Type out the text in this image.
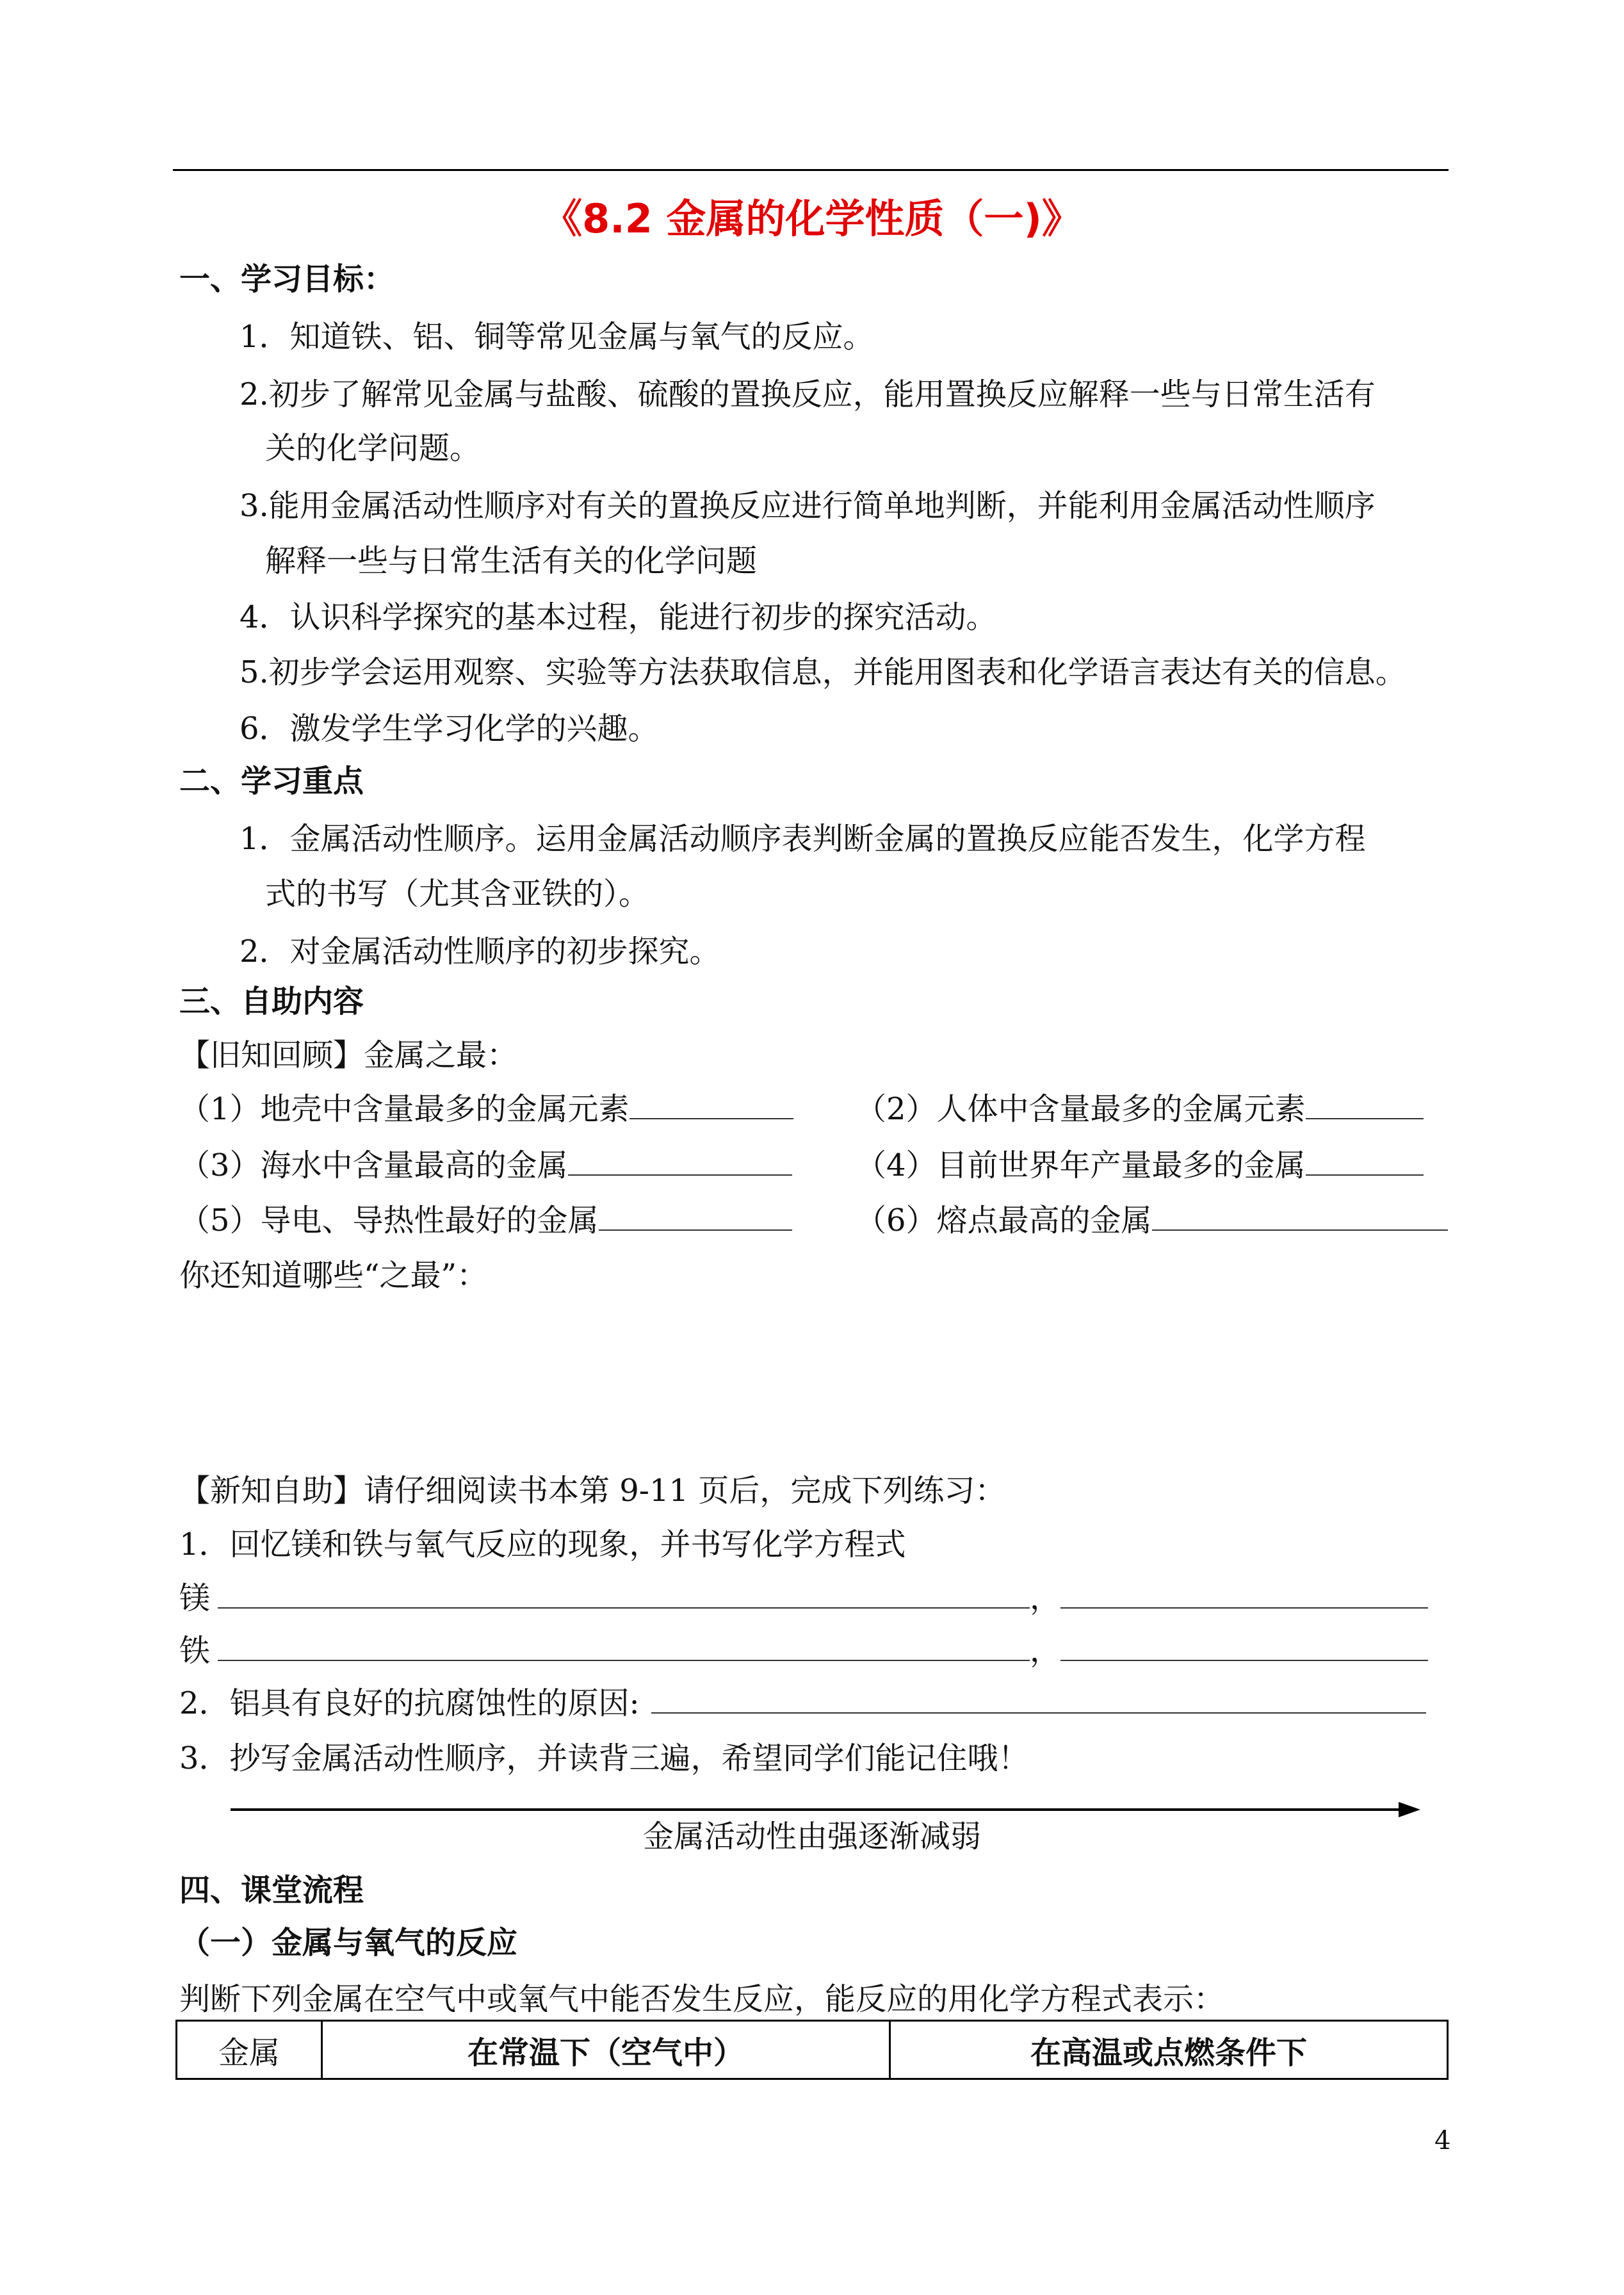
《8.2 金属的化学性质（一)》
一、学习目标：
1．知道铁、铝、铜等常见金属与氧气的反应。
2.初步了解常见金属与盐酸、硫酸的置换反应，能用置换反应解释一些与日常生活有
关的化学问题。
3.能用金属活动性顺序对有关的置换反应进行简单地判断，并能利用金属活动性顺序
解释一些与日常生活有关的化学问题
4．认识科学探究的基本过程，能进行初步的探究活动。
5.初步学会运用观察、实验等方法获取信息，并能用图表和化学语言表达有关的信息。
6．激发学生学习化学的兴趣。
二、学习重点
1．金属活动性顺序。运用金属活动顺序表判断金属的置换反应能否发生，化学方程
式的书写（尤其含亚铁的）。
2．对金属活动性顺序的初步探究。
三、自助内容
【旧知回顾】金属之最：
（1）地壳中含量最多的金属元素	（2）人体中含量最多的金属元素
（3）海水中含量最高的金属	（4）目前世界年产量最多的金属
（5）导电、导热性最好的金属	（6）熔点最高的金属
你还知道哪些“之最”：
【新知自助】请仔细阅读书本第 9-11 页后，完成下列练习：
1．回忆镁和铁与氧气反应的现象，并书写化学方程式
镁	，
铁	，
2．铝具有良好的抗腐蚀性的原因:
3．抄写金属活动性顺序，并读背三遍，希望同学们能记住哦！
金属活动性由强逐渐减弱
四、课堂流程
（一）金属与氧气的反应
判断下列金属在空气中或氧气中能否发生反应，能反应的用化学方程式表示：
金属	在常温下（空气中）	在高温或点燃条件下
4
